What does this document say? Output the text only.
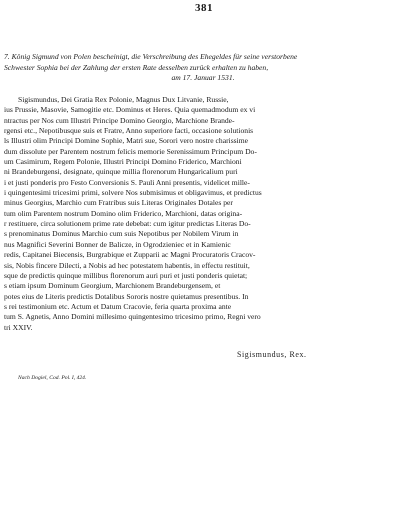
381
7. König Sigmund von Polen bescheinigt, die Verschreibung des Ehegeldes für seine verstorbene
Schwester Sophia bei der Zahlung der ersten Rate desselben zurück erhalten zu haben,
am 17. Januar 1531.
Sigismundus, Dei Gratia Rex Polonie, Magnus Dux Litvanie, Russie,
ius Prussie, Masovie, Samogitie etc. Dominus et Heres. Quia quemadmodum ex vi
ntractus per Nos cum Illustri Principe Domino Georgio, Marchione Brande-
rgensi etc., Nepotibusque suis et Fratre, Anno superiore facti, occasione solutionis
ls Illustri olim Principi Domine Sophie, Matri sue, Sorori vero nostre charissime
dum dissolute per Parentem nostrum felicis memorie Serenissimum Principum Do-
um Casimirum, Regem Polonie, Illustri Principi Domino Friderico, Marchioni
ni Brandeburgensi, designate, quinque millia florenorum Hungaricalium puri
i et justi ponderis pro Festo Conversionis S. Pauli Anni presentis, videlicet mille-
i quingentesimi tricesimi primi, solvere Nos submisimus et obligavimus, et predictus
minus Georgius, Marchio cum Fratribus suis Literas Originales Dotales per
tum olim Parentem nostrum Domino olim Friderico, Marchioni, datas origina-
r restituere, circa solutionem prime rate debebat: cum igitur predictas Literas Do-
s prenominatus Dominus Marchio cum suis Nepotibus per Nobilem Virum in
nus Magnifici Severini Bonner de Balicze, in Ogrodzieniec et in Kamienic
redis, Capitanei Biecensis, Burgrabique et Zupparii ac Magni Procuratoris Cracov-
sis, Nobis fincere Dilecti, a Nobis ad hec potestatem habentis, in effectu restituit,
sque de predictis quinque millibus florenorum auri puri et justi ponderis quietat;
s etiam ipsum Dominum Georgium, Marchionem Brandeburgensem, et
potes eius de Literis predictis Dotalibus Sororis nostre quietamus presentibus. In
s rei testimonium etc. Actum et Datum Cracovie, feria quarta proxima ante
tum S. Agnetis, Anno Domini millesimo quingentesimo tricesimo primo, Regni vero
tri XXIV.
Sigismundus, Rex.
Nach Dogiel, Cod. Pol. I, 424.
